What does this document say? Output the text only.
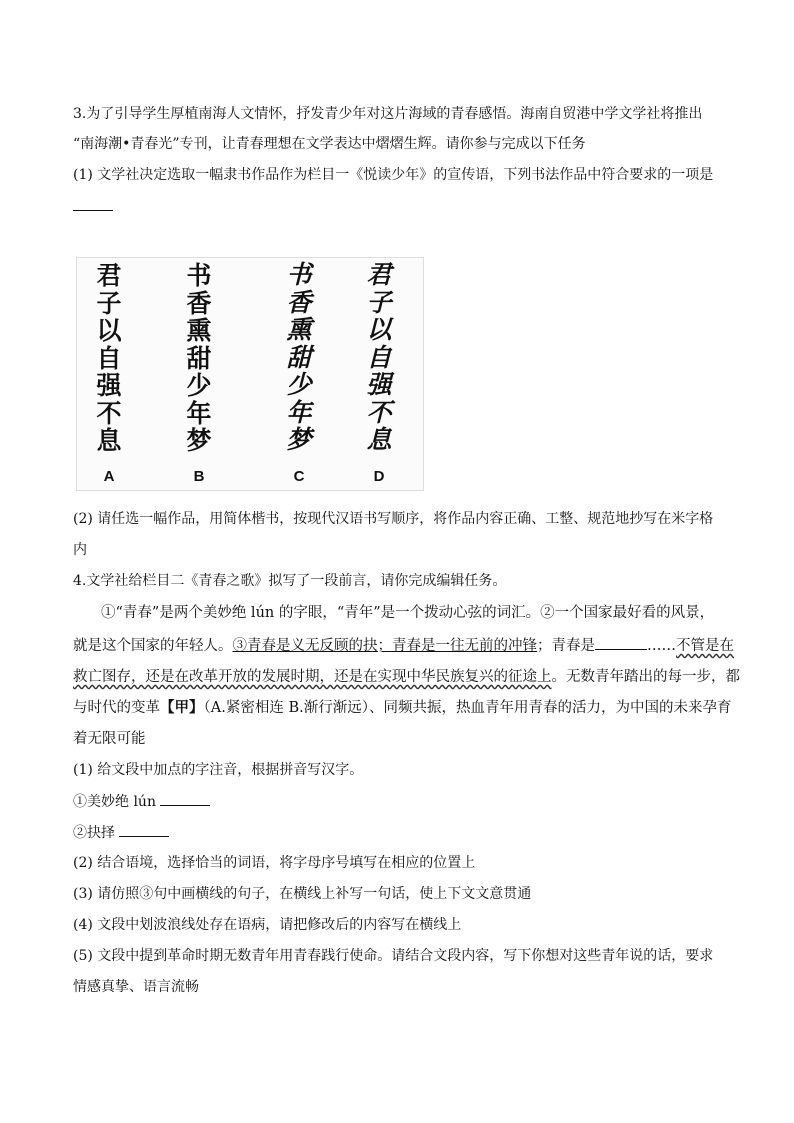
3.为了引导学生厚植南海人文情怀，抒发青少年对这片海域的青春感悟。海南自贸港中学文学社将推出
“南海潮•青春光”专刊，让青春理想在文学表达中熠熠生辉。请你参与完成以下任务
(1) 文学社决定选取一幅隶书作品作为栏目一《悦读少年》的宣传语，下列书法作品中符合要求的一项是
君
子
以
自
强
不
息
书
香
熏
甜
少
年
梦
书
香
熏
甜
少
年
梦
君
子
以
自
强
不
息
A	B	C	D
(2) 请任选一幅作品，用简体楷书，按现代汉语书写顺序，将作品内容正确、工整、规范地抄写在米字格
内
4.文学社给栏目二《青春之歌》拟写了一段前言，请你完成编辑任务。
①“青春”是两个美妙绝 lún 的字眼，“青年”是一个拨动心弦的词汇。②一个国家最好看的风景，
就是这个国家的年轻人。③青春是义无反顾的抉；青春是一往无前的冲锋；青春是	……不管是在
救亡图存，还是在改革开放的发展时期，还是在实现中华民族复兴的征途上。无数青年踏出的每一步，都
与时代的变革【甲】（A.紧密相连 B.渐行渐远）、同频共振，热血青年用青春的活力，为中国的未来孕育
着无限可能
(1) 给文段中加点的字注音，根据拼音写汉字。
①美妙绝 lún
②抉择
(2) 结合语境，选择恰当的词语，将字母序号填写在相应的位置上
(3) 请仿照③句中画横线的句子，在横线上补写一句话，使上下文文意贯通
(4) 文段中划波浪线处存在语病，请把修改后的内容写在横线上
(5) 文段中提到革命时期无数青年用青春践行使命。请结合文段内容，写下你想对这些青年说的话，要求
情感真挚、语言流畅
